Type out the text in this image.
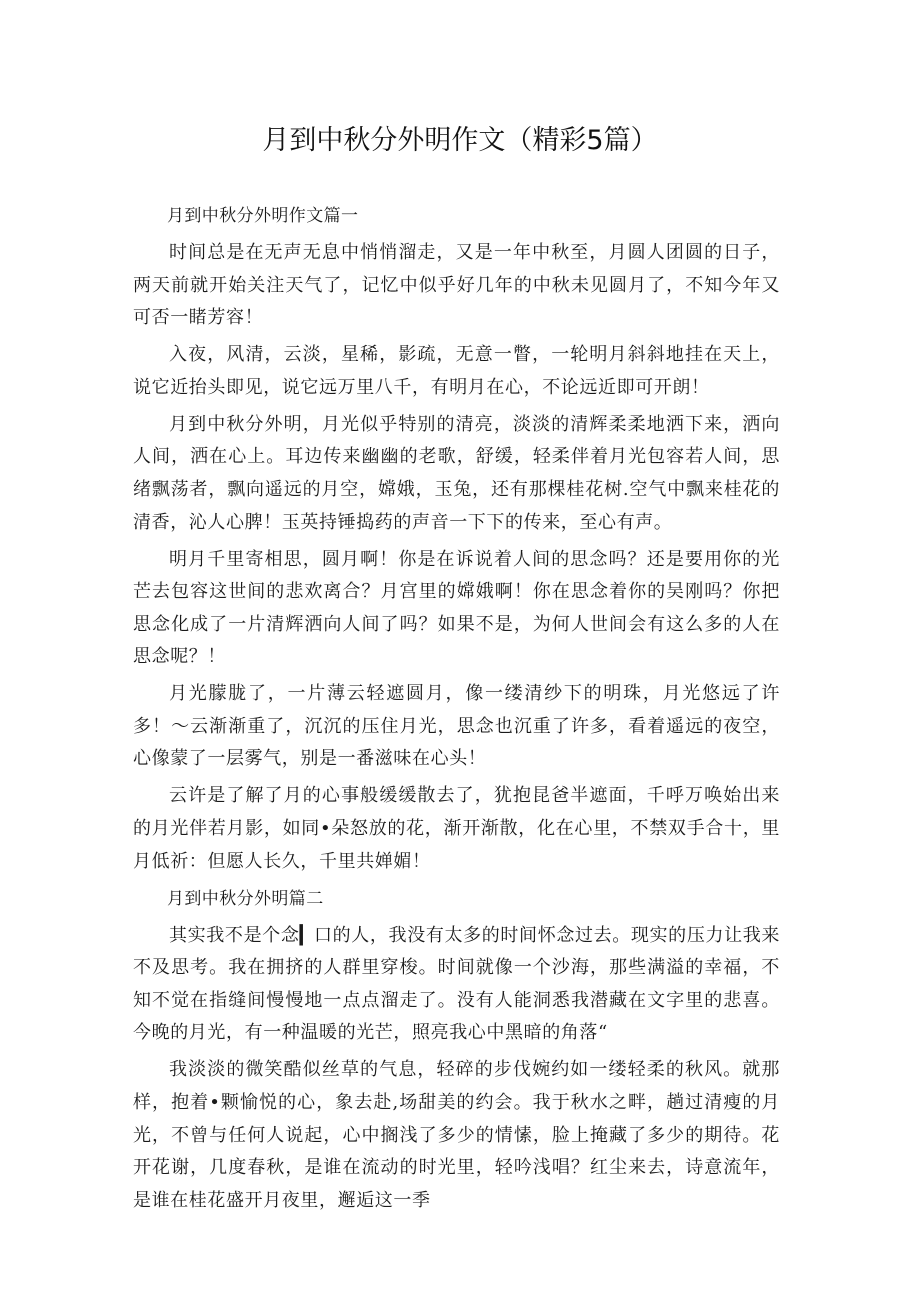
月到中秋分外明作文（精彩5篇）

月到中秋分外明作文篇一

时间总是在无声无息中悄悄溜走，又是一年中秋至，月圆人团圆的日子，两天前就开始关注天气了，记忆中似乎好几年的中秋未见圆月了，不知今年又可否一睹芳容！

入夜，风清，云淡，星稀，影疏，无意一瞥，一轮明月斜斜地挂在天上，说它近抬头即见，说它远万里八千，有明月在心，不论远近即可开朗！

月到中秋分外明，月光似乎特别的清亮，淡淡的清辉柔柔地洒下来，洒向人间，洒在心上。耳边传来幽幽的老歌，舒缓，轻柔伴着月光包容若人间，思绪飘荡者，飘向遥远的月空，嫦娥，玉兔，还有那棵桂花树.空气中飘来桂花的清香，沁人心脾！玉英持锤捣药的声音一下下的传来，至心有声。

明月千里寄相思，圆月啊！你是在诉说着人间的思念吗？还是要用你的光芒去包容这世间的悲欢离合？月宫里的嫦娥啊！你在思念着你的吴刚吗？你把思念化成了一片清辉洒向人间了吗？如果不是，为何人世间会有这么多的人在思念呢？！

月光朦胧了，一片薄云轻遮圆月，像一缕清纱下的明珠，月光悠远了许多！～云渐渐重了，沉沉的压住月光，思念也沉重了许多，看着遥远的夜空，心像蒙了一层雾气，别是一番滋味在心头！

云许是了解了月的心事般缓缓散去了，犹抱昆爸半遮面，千呼万唤始出来的月光伴若月影，如同•朵怒放的花，渐开渐散，化在心里，不禁双手合十，里月低祈：但愿人长久，千里共婵媚！

月到中秋分外明篇二

其实我不是个念▎口的人，我没有太多的时间怀念过去。现实的压力让我来不及思考。我在拥挤的人群里穿梭。时间就像一个沙海，那些满溢的幸福，不知不觉在指缝间慢慢地一点点溜走了。没有人能洞悉我潜藏在文字里的悲喜。今晚的月光，有一种温暖的光芒，照亮我心中黑暗的角落“

我淡淡的微笑酷似丝草的气息，轻碎的步伐婉约如一缕轻柔的秋风。就那样，抱着•颗愉悦的心，象去赴,场甜美的约会。我于秋水之畔，趟过清瘦的月光，不曾与任何人说起，心中搁浅了多少的情愫，脸上掩藏了多少的期待。花开花谢，几度春秋，是谁在流动的时光里，轻吟浅唱？红尘来去，诗意流年，是谁在桂花盛开月夜里，邂逅这一季
